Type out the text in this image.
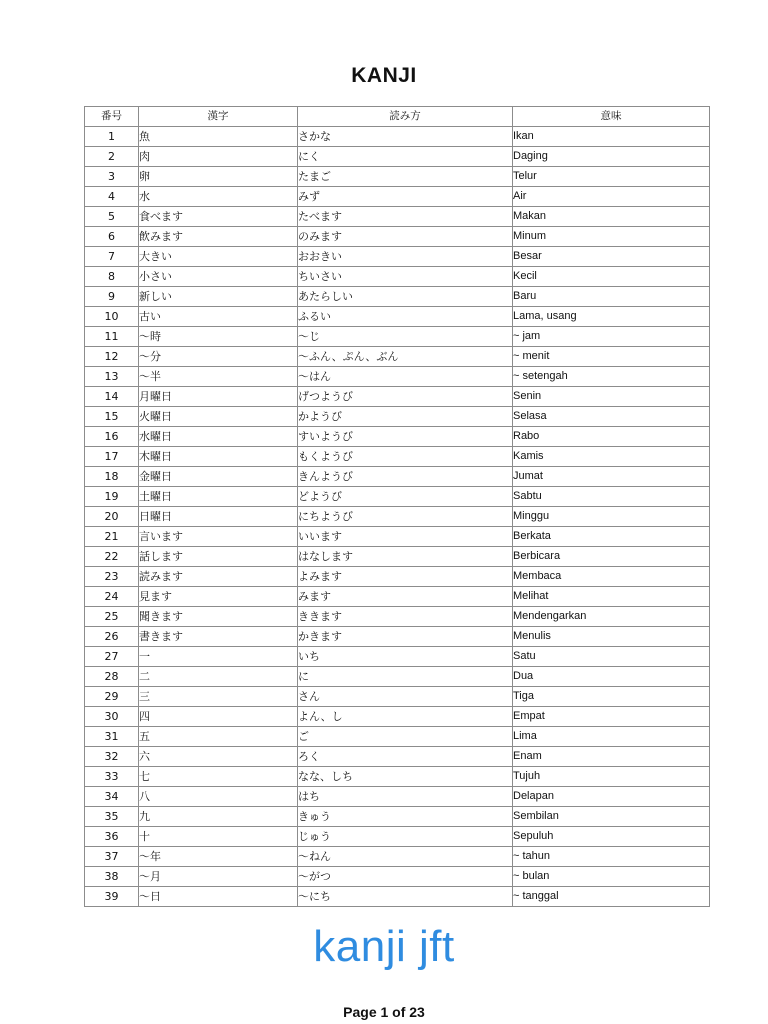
KANJI
番号	漢字	読み方	意味
1	魚	さかな	Ikan
2	肉	にく	Daging
3	卵	たまご	Telur
4	水	みず	Air
5	食べます	たべます	Makan
6	飲みます	のみます	Minum
7	大きい	おおきい	Besar
8	小さい	ちいさい	Kecil
9	新しい	あたらしい	Baru
10	古い	ふるい	Lama, usang
11	～時	～じ	~ jam
12	～分	～ふん、ぷん、ぶん	~ menit
13	～半	～はん	~ setengah
14	月曜日	げつようび	Senin
15	火曜日	かようび	Selasa
16	水曜日	すいようび	Rabo
17	木曜日	もくようび	Kamis
18	金曜日	きんようび	Jumat
19	土曜日	どようび	Sabtu
20	日曜日	にちようび	Minggu
21	言います	いいます	Berkata
22	話します	はなします	Berbicara
23	読みます	よみます	Membaca
24	見ます	みます	Melihat
25	聞きます	ききます	Mendengarkan
26	書きます	かきます	Menulis
27	一	いち	Satu
28	二	に	Dua
29	三	さん	Tiga
30	四	よん、し	Empat
31	五	ご	Lima
32	六	ろく	Enam
33	七	なな、しち	Tujuh
34	八	はち	Delapan
35	九	きゅう	Sembilan
36	十	じゅう	Sepuluh
37	～年	～ねん	~ tahun
38	～月	～がつ	~ bulan
39	～日	～にち	~ tanggal
kanji jft
Page 1 of 23
